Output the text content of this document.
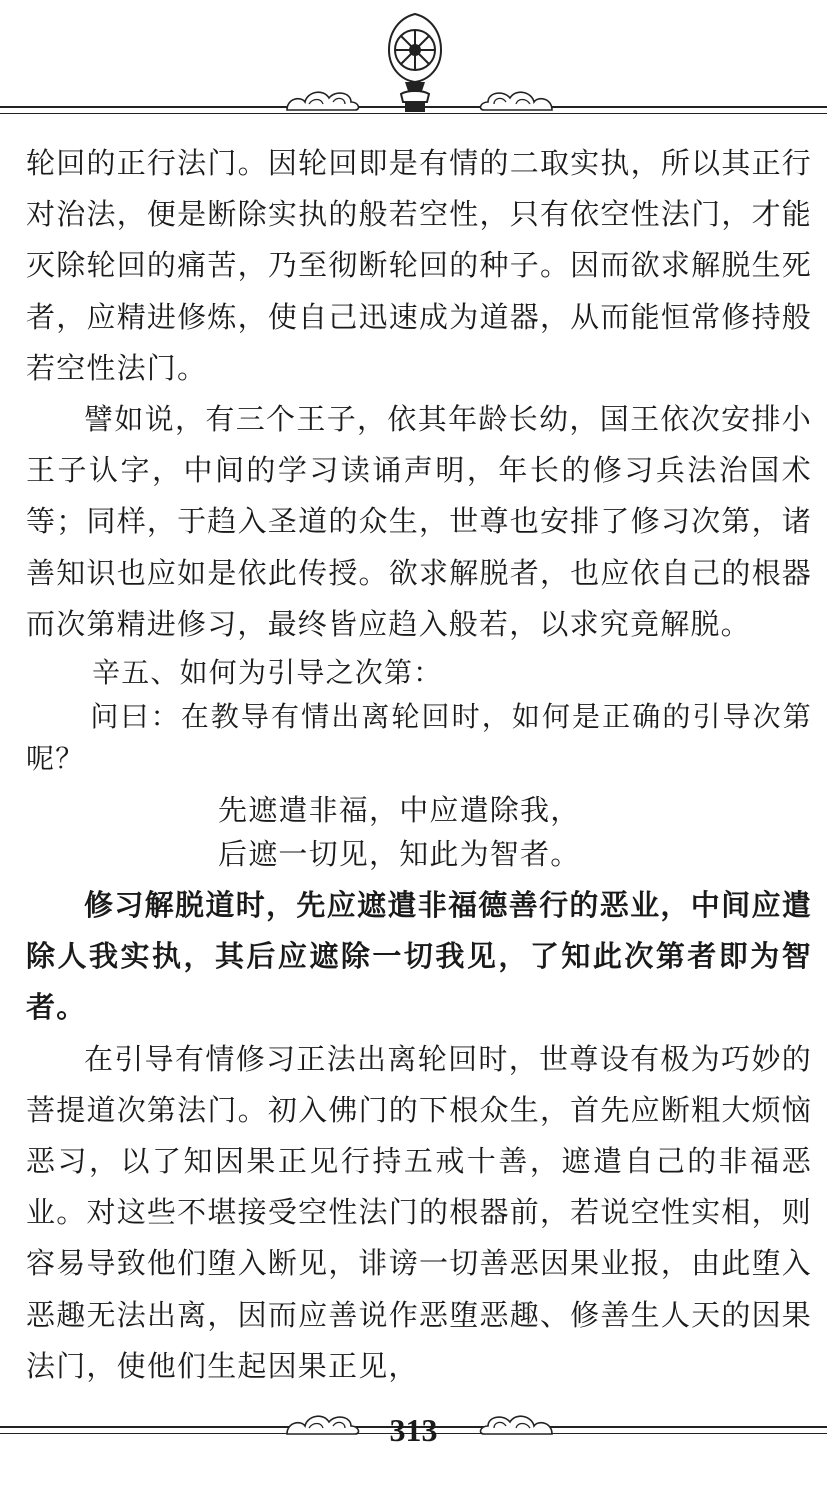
轮回的正行法门。因轮回即是有情的二取实执，所以其正行对治法，便是断除实执的般若空性，只有依空性法门，才能灭除轮回的痛苦，乃至彻断轮回的种子。因而欲求解脱生死者，应精进修炼，使自己迅速成为道器，从而能恒常修持般若空性法门。

譬如说，有三个王子，依其年龄长幼，国王依次安排小王子认字，中间的学习读诵声明，年长的修习兵法治国术等；同样，于趋入圣道的众生，世尊也安排了修习次第，诸善知识也应如是依此传授。欲求解脱者，也应依自己的根器而次第精进修习，最终皆应趋入般若，以求究竟解脱。

辛五、如何为引导之次第：

问曰：在教导有情出离轮回时，如何是正确的引导次第呢？

先遮遣非福，中应遣除我，

后遮一切见，知此为智者。

修习解脱道时，先应遮遣非福德善行的恶业，中间应遣除人我实执，其后应遮除一切我见，了知此次第者即为智者。

在引导有情修习正法出离轮回时，世尊设有极为巧妙的菩提道次第法门。初入佛门的下根众生，首先应断粗大烦恼恶习，以了知因果正见行持五戒十善，遮遣自己的非福恶业。对这些不堪接受空性法门的根器前，若说空性实相，则容易导致他们堕入断见，诽谤一切善恶因果业报，由此堕入恶趣无法出离，因而应善说作恶堕恶趣、修善生人天的因果法门，使他们生起因果正见，

313
